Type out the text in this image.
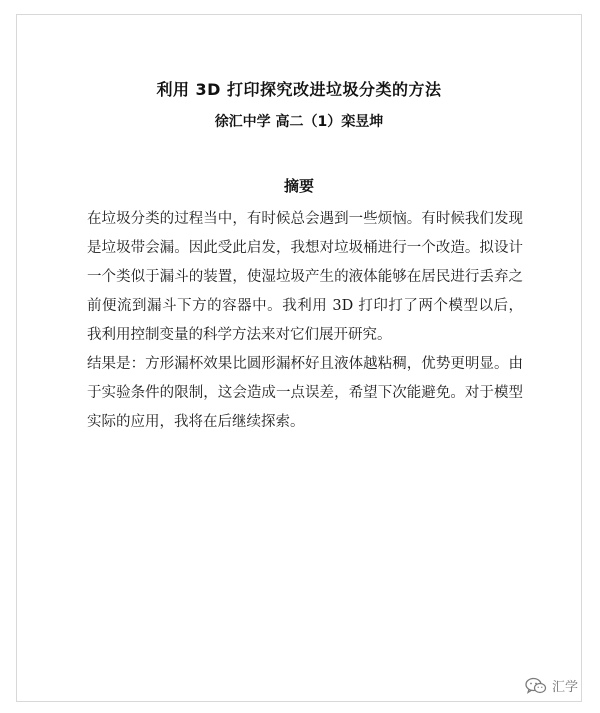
利用 3D 打印探究改进垃圾分类的方法
徐汇中学 高二（1）栾昱坤
摘要

在垃圾分类的过程当中，有时候总会遇到一些烦恼。有时候我们发现是垃圾带会漏。因此受此启发，我想对垃圾桶进行一个改造。拟设计一个类似于漏斗的装置，使湿垃圾产生的液体能够在居民进行丢弃之前便流到漏斗下方的容器中。我利用 3D 打印打了两个模型以后，我利用控制变量的科学方法来对它们展开研究。

结果是：方形漏杯效果比圆形漏杯好且液体越粘稠，优势更明显。由于实验条件的限制，这会造成一点误差，希望下次能避免。对于模型实际的应用，我将在后继续探索。

汇学
